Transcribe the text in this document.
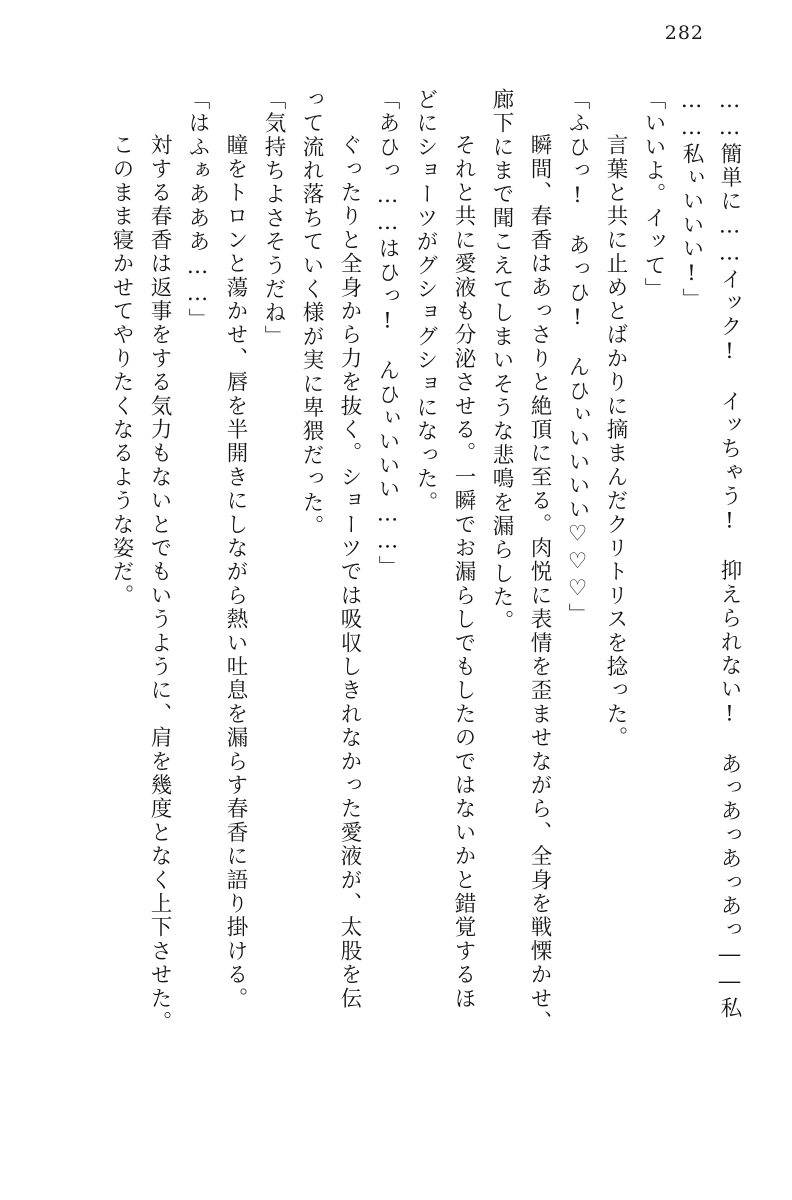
282
……簡単に……イック!　イッちゃう!　抑えられない!　あっあっあっあっ――私
……私ぃいいい!」
「いいよ。イッて」
　言葉と共に止めとばかりに摘まんだクリトリスを捻った。
「ふひっ!　あっひ!　んひぃいいいい♡♡♡」
　瞬間、春香はあっさりと絶頂に至る。肉悦に表情を歪ませながら、全身を戦慄かせ、
廊下にまで聞こえてしまいそうな悲鳴を漏らした。
　それと共に愛液も分泌させる。一瞬でお漏らしでもしたのではないかと錯覚するほ
どにショーツがグショグショになった。
「あひっ……はひっ!　んひぃいいい……」
　ぐったりと全身から力を抜く。ショーツでは吸収しきれなかった愛液が、太股を伝
って流れ落ちていく様が実に卑猥だった。
「気持ちよさそうだね」
　瞳をトロンと蕩かせ、唇を半開きにしながら熱い吐息を漏らす春香に語り掛ける。
「はふぁあああ……」
　対する春香は返事をする気力もないとでもいうように、肩を幾度となく上下させた。
　このまま寝かせてやりたくなるような姿だ。
